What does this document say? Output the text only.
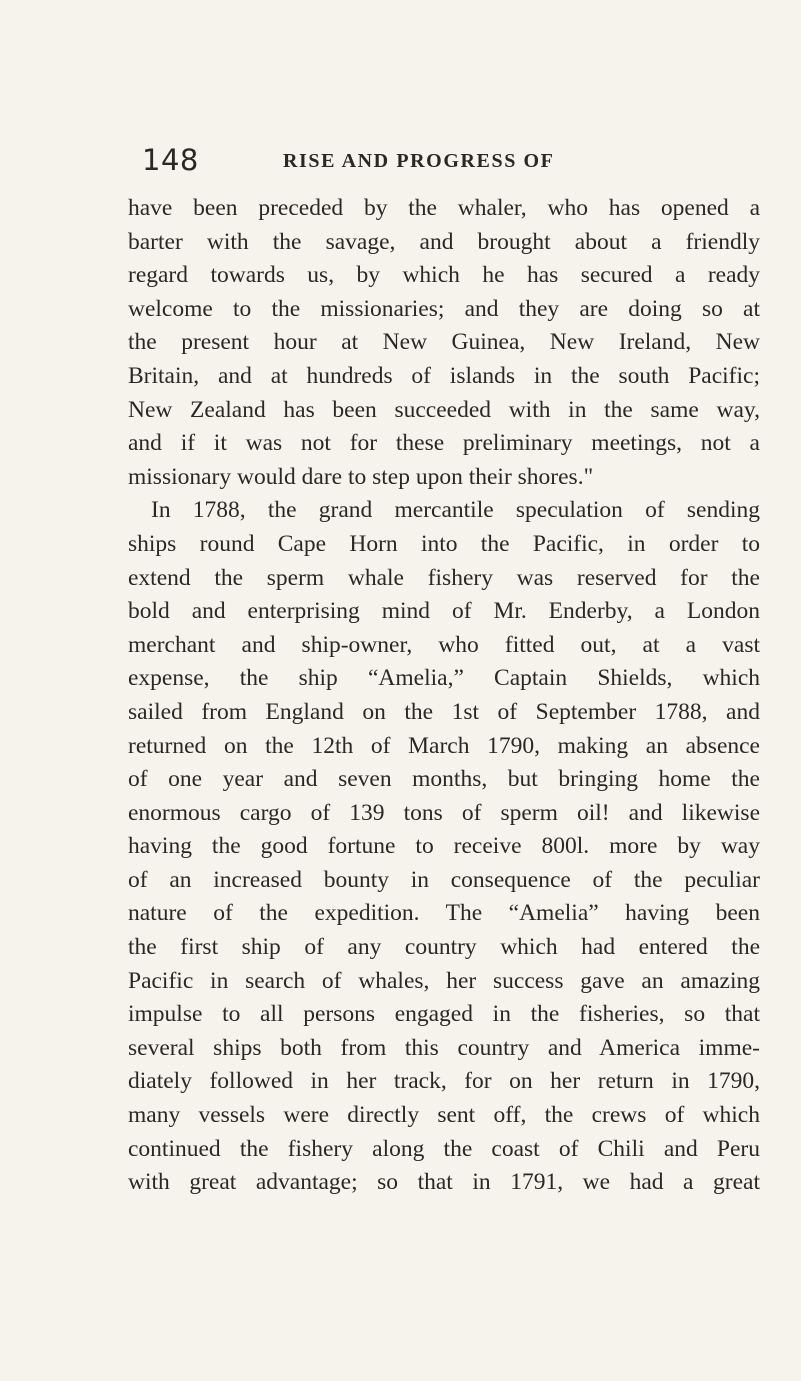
148	RISE AND PROGRESS OF
have been preceded by the whaler, who has opened a
barter with the savage, and brought about a friendly
regard towards us, by which he has secured a ready
welcome to the missionaries; and they are doing so at
the present hour at New Guinea, New Ireland, New
Britain, and at hundreds of islands in the south Pacific;
New Zealand has been succeeded with in the same way,
and if it was not for these preliminary meetings, not a
missionary would dare to step upon their shores."
In 1788, the grand mercantile speculation of sending
ships round Cape Horn into the Pacific, in order to
extend the sperm whale fishery was reserved for the
bold and enterprising mind of Mr. Enderby, a London
merchant and ship-owner, who fitted out, at a vast
expense, the ship “Amelia,” Captain Shields, which
sailed from England on the 1st of September 1788, and
returned on the 12th of March 1790, making an absence
of one year and seven months, but bringing home the
enormous cargo of 139 tons of sperm oil! and likewise
having the good fortune to receive 800l. more by way
of an increased bounty in consequence of the peculiar
nature of the expedition. The “Amelia” having been
the first ship of any country which had entered the
Pacific in search of whales, her success gave an amazing
impulse to all persons engaged in the fisheries, so that
several ships both from this country and America imme-
diately followed in her track, for on her return in 1790,
many vessels were directly sent off, the crews of which
continued the fishery along the coast of Chili and Peru
with great advantage; so that in 1791, we had a great
